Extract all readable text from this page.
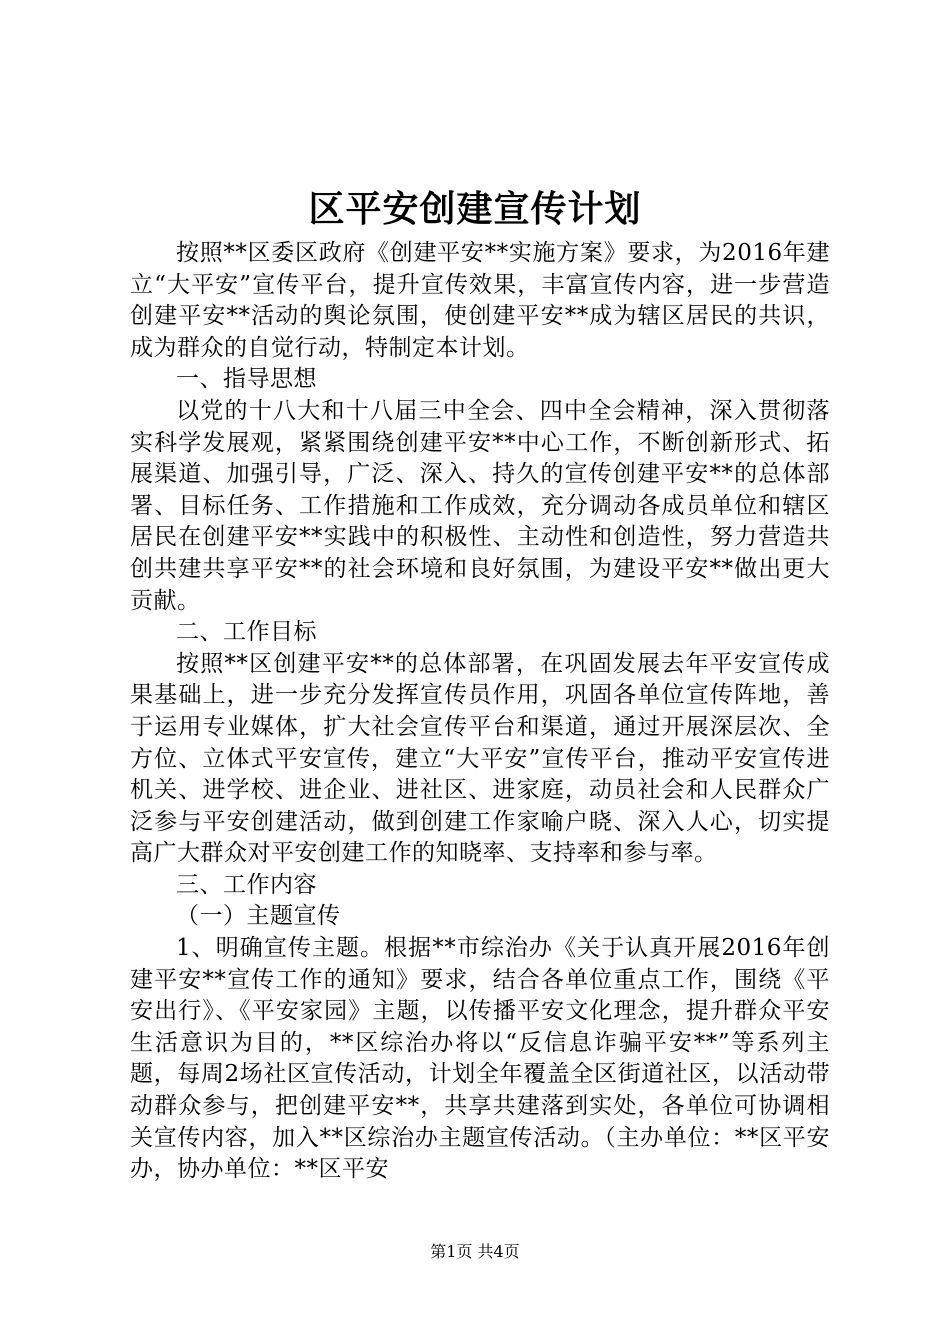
区平安创建宣传计划

按照**区委区政府《创建平安**实施方案》要求，为2016年建立“大平安”宣传平台，提升宣传效果，丰富宣传内容，进一步营造创建平安**活动的舆论氛围，使创建平安**成为辖区居民的共识，成为群众的自觉行动，特制定本计划。

一、指导思想

以党的十八大和十八届三中全会、四中全会精神，深入贯彻落实科学发展观，紧紧围绕创建平安**中心工作，不断创新形式、拓展渠道、加强引导，广泛、深入、持久的宣传创建平安**的总体部署、目标任务、工作措施和工作成效，充分调动各成员单位和辖区居民在创建平安**实践中的积极性、主动性和创造性，努力营造共创共建共享平安**的社会环境和良好氛围，为建设平安**做出更大贡献。

二、工作目标

按照**区创建平安**的总体部署，在巩固发展去年平安宣传成果基础上，进一步充分发挥宣传员作用，巩固各单位宣传阵地，善于运用专业媒体，扩大社会宣传平台和渠道，通过开展深层次、全方位、立体式平安宣传，建立“大平安”宣传平台，推动平安宣传进机关、进学校、进企业、进社区、进家庭，动员社会和人民群众广泛参与平安创建活动，做到创建工作家喻户晓、深入人心，切实提高广大群众对平安创建工作的知晓率、支持率和参与率。

三、工作内容

（一）主题宣传

1、明确宣传主题。根据**市综治办《关于认真开展2016年创建平安**宣传工作的通知》要求，结合各单位重点工作，围绕《平安出行》、《平安家园》主题，以传播平安文化理念，提升群众平安生活意识为目的，**区综治办将以“反信息诈骗平安**”等系列主题，每周2场社区宣传活动，计划全年覆盖全区街道社区，以活动带动群众参与，把创建平安**，共享共建落到实处，各单位可协调相关宣传内容，加入**区综治办主题宣传活动。（主办单位：**区平安办，协办单位：**区平安

第1页 共4页
